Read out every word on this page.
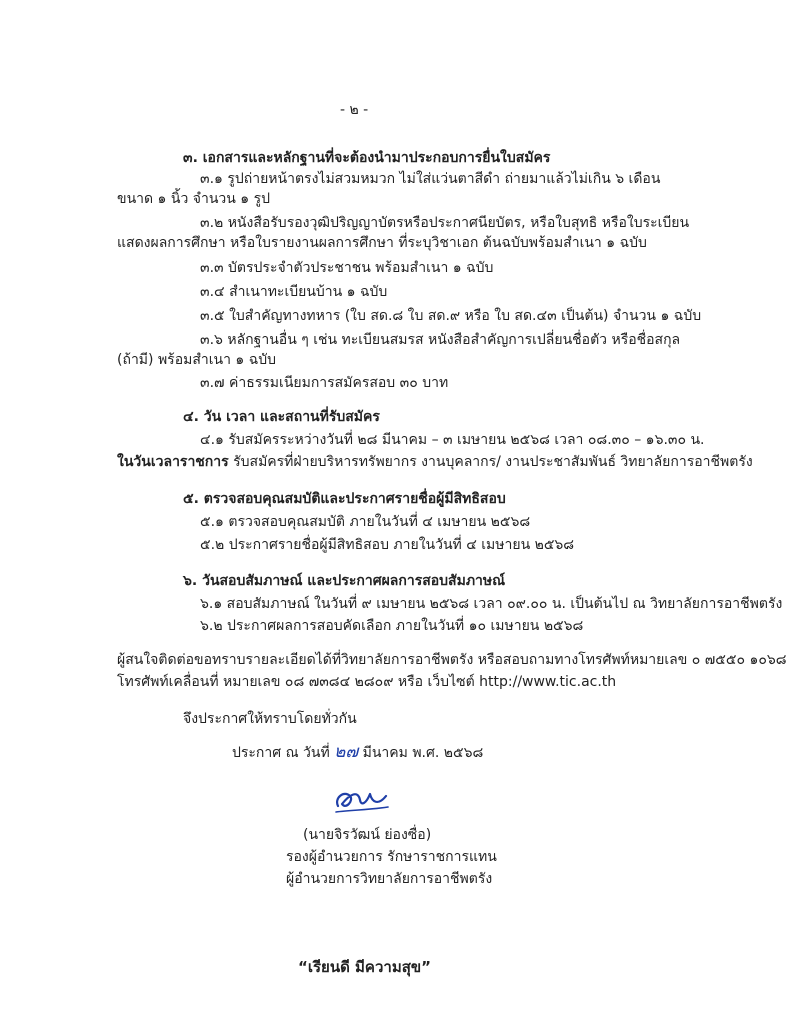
- ๒ -
๓. เอกสารและหลักฐานที่จะต้องนำมาประกอบการยื่นใบสมัคร
๓.๑ รูปถ่ายหน้าตรงไม่สวมหมวก ไม่ใส่แว่นตาสีดำ ถ่ายมาแล้วไม่เกิน ๖ เดือน
ขนาด ๑ นิ้ว จำนวน ๑ รูป
๓.๒ หนังสือรับรองวุฒิปริญญาบัตรหรือประกาศนียบัตร, หรือใบสุทธิ หรือใบระเบียน
แสดงผลการศึกษา หรือใบรายงานผลการศึกษา ที่ระบุวิชาเอก ต้นฉบับพร้อมสำเนา ๑ ฉบับ
๓.๓ บัตรประจำตัวประชาชน พร้อมสำเนา ๑ ฉบับ
๓.๔ สำเนาทะเบียนบ้าน ๑ ฉบับ
๓.๕ ใบสำคัญทางทหาร (ใบ สด.๘ ใบ สด.๙ หรือ ใบ สด.๔๓ เป็นต้น) จำนวน ๑ ฉบับ
๓.๖ หลักฐานอื่น ๆ เช่น ทะเบียนสมรส หนังสือสำคัญการเปลี่ยนชื่อตัว หรือชื่อสกุล
(ถ้ามี) พร้อมสำเนา ๑ ฉบับ
๓.๗ ค่าธรรมเนียมการสมัครสอบ ๓๐ บาท
๔. วัน เวลา และสถานที่รับสมัคร
๔.๑ รับสมัครระหว่างวันที่ ๒๘ มีนาคม – ๓ เมษายน ๒๕๖๘ เวลา ๐๘.๓๐ – ๑๖.๓๐ น.
ในวันเวลาราชการ รับสมัครที่ฝ่ายบริหารทรัพยากร งานบุคลากร/ งานประชาสัมพันธ์ วิทยาลัยการอาชีพตรัง
๕. ตรวจสอบคุณสมบัติและประกาศรายชื่อผู้มีสิทธิสอบ
๕.๑ ตรวจสอบคุณสมบัติ ภายในวันที่ ๔ เมษายน ๒๕๖๘
๕.๒ ประกาศรายชื่อผู้มีสิทธิสอบ ภายในวันที่ ๔ เมษายน ๒๕๖๘
๖. วันสอบสัมภาษณ์ และประกาศผลการสอบสัมภาษณ์
๖.๑ สอบสัมภาษณ์ ในวันที่ ๙ เมษายน ๒๕๖๘ เวลา ๐๙.๐๐ น. เป็นต้นไป ณ วิทยาลัยการอาชีพตรัง
๖.๒ ประกาศผลการสอบคัดเลือก ภายในวันที่ ๑๐ เมษายน ๒๕๖๘
ผู้สนใจติดต่อขอทราบรายละเอียดได้ที่วิทยาลัยการอาชีพตรัง หรือสอบถามทางโทรศัพท์หมายเลข ๐ ๗๕๕๐ ๑๐๖๘
โทรศัพท์เคลื่อนที่ หมายเลข ๐๘ ๗๓๘๔ ๒๘๐๙ หรือ เว็บไซต์ http://www.tic.ac.th
จึงประกาศให้ทราบโดยทั่วกัน
ประกาศ ณ วันที่ ๒๗ มีนาคม พ.ศ. ๒๕๖๘
(นายจิรวัฒน์ ย่องซื่อ)
รองผู้อำนวยการ รักษาราชการแทน
ผู้อำนวยการวิทยาลัยการอาชีพตรัง
“เรียนดี มีความสุข”
